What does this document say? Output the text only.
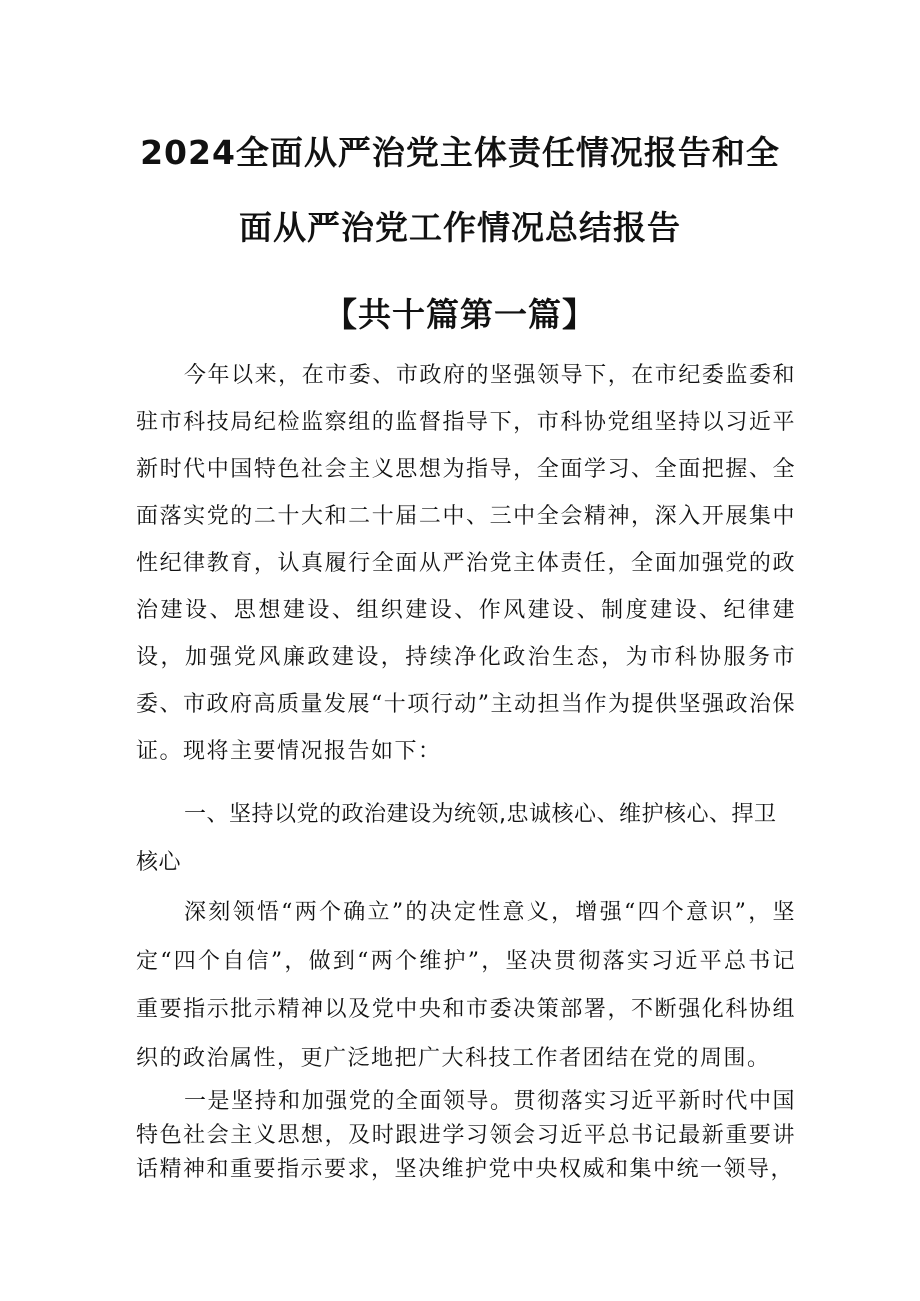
2024全面从严治党主体责任情况报告和全
面从严治党工作情况总结报告
【共十篇第一篇】

今年以来，在市委、市政府的坚强领导下，在市纪委监委和驻市科技局纪检监察组的监督指导下，市科协党组坚持以习近平新时代中国特色社会主义思想为指导，全面学习、全面把握、全面落实党的二十大和二十届二中、三中全会精神，深入开展集中性纪律教育，认真履行全面从严治党主体责任，全面加强党的政治建设、思想建设、组织建设、作风建设、制度建设、纪律建设，加强党风廉政建设，持续净化政治生态，为市科协服务市委、市政府高质量发展“十项行动”主动担当作为提供坚强政治保证。现将主要情况报告如下：

一、坚持以党的政治建设为统领,忠诚核心、维护核心、捍卫核心

深刻领悟“两个确立”的决定性意义，增强“四个意识”，坚定“四个自信”，做到“两个维护”，坚决贯彻落实习近平总书记重要指示批示精神以及党中央和市委决策部署，不断强化科协组织的政治属性，更广泛地把广大科技工作者团结在党的周围。

一是坚持和加强党的全面领导。贯彻落实习近平新时代中国特色社会主义思想，及时跟进学习领会习近平总书记最新重要讲话精神和重要指示要求，坚决维护党中央权威和集中统一领导，
